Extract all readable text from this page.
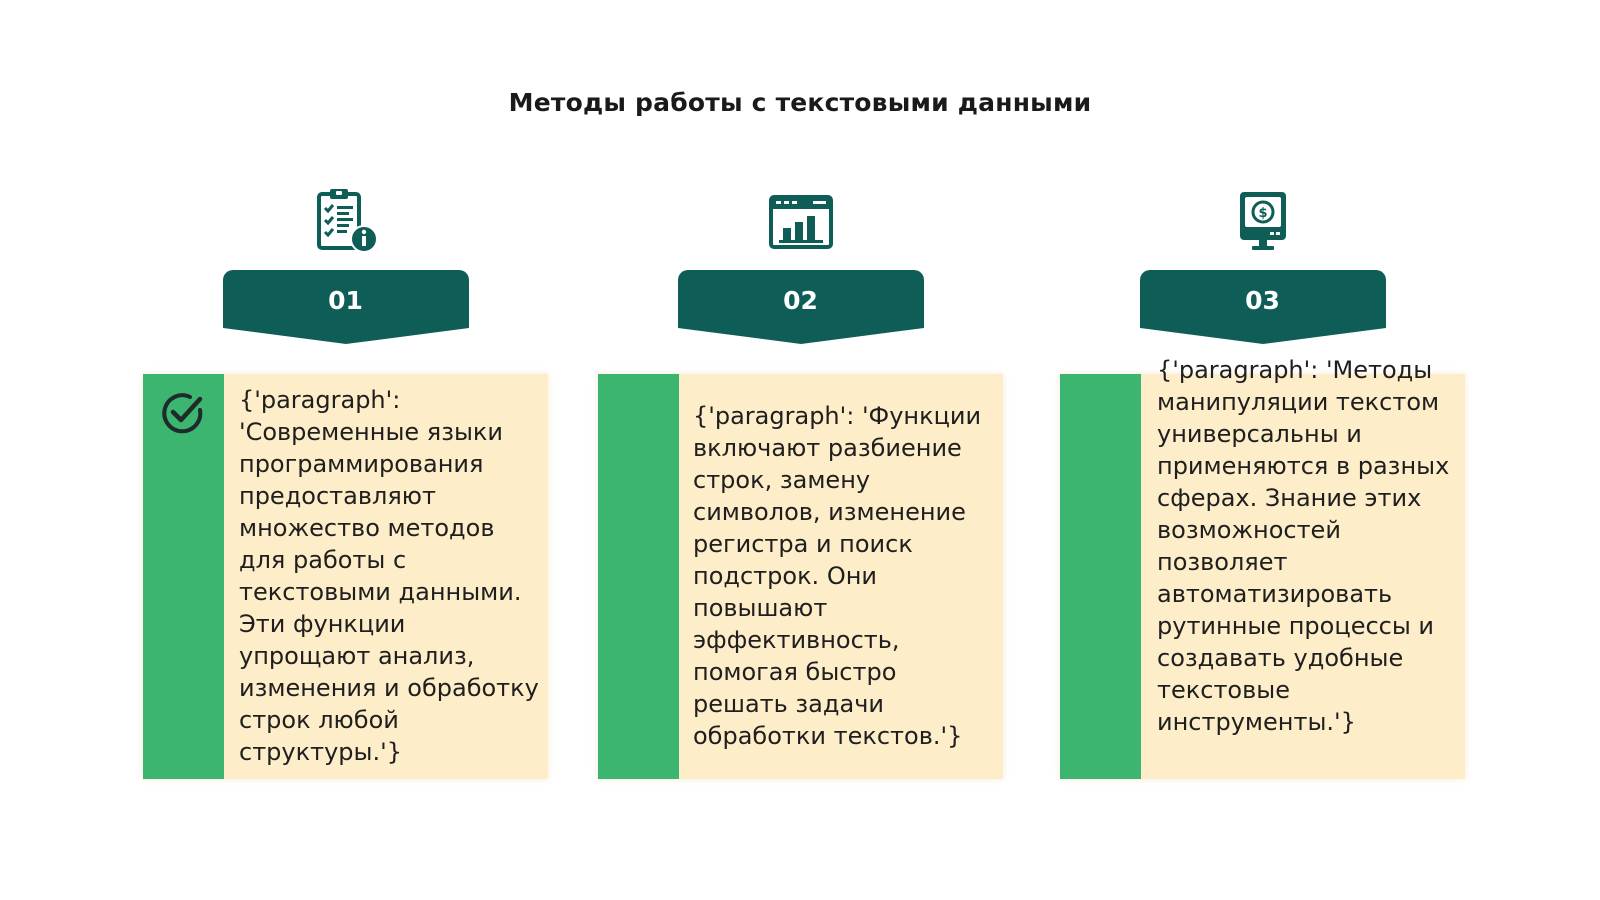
Методы работы с текстовыми данными
01
{'paragraph': 'Современные языки программирования предоставляют множество методов для работы с текстовыми данными. Эти функции упрощают анализ, изменения и обработку строк любой структуры.'}
02
{'paragraph': 'Функции включают разбиение строк, замену символов, изменение регистра и поиск подстрок. Они повышают эффективность, помогая быстро решать задачи обработки текстов.'}
$
03
{'paragraph': 'Методы манипуляции текстом универсальны и применяются в разных сферах. Знание этих возможностей позволяет автоматизировать рутинные процессы и создавать удобные текстовые инструменты.'}
